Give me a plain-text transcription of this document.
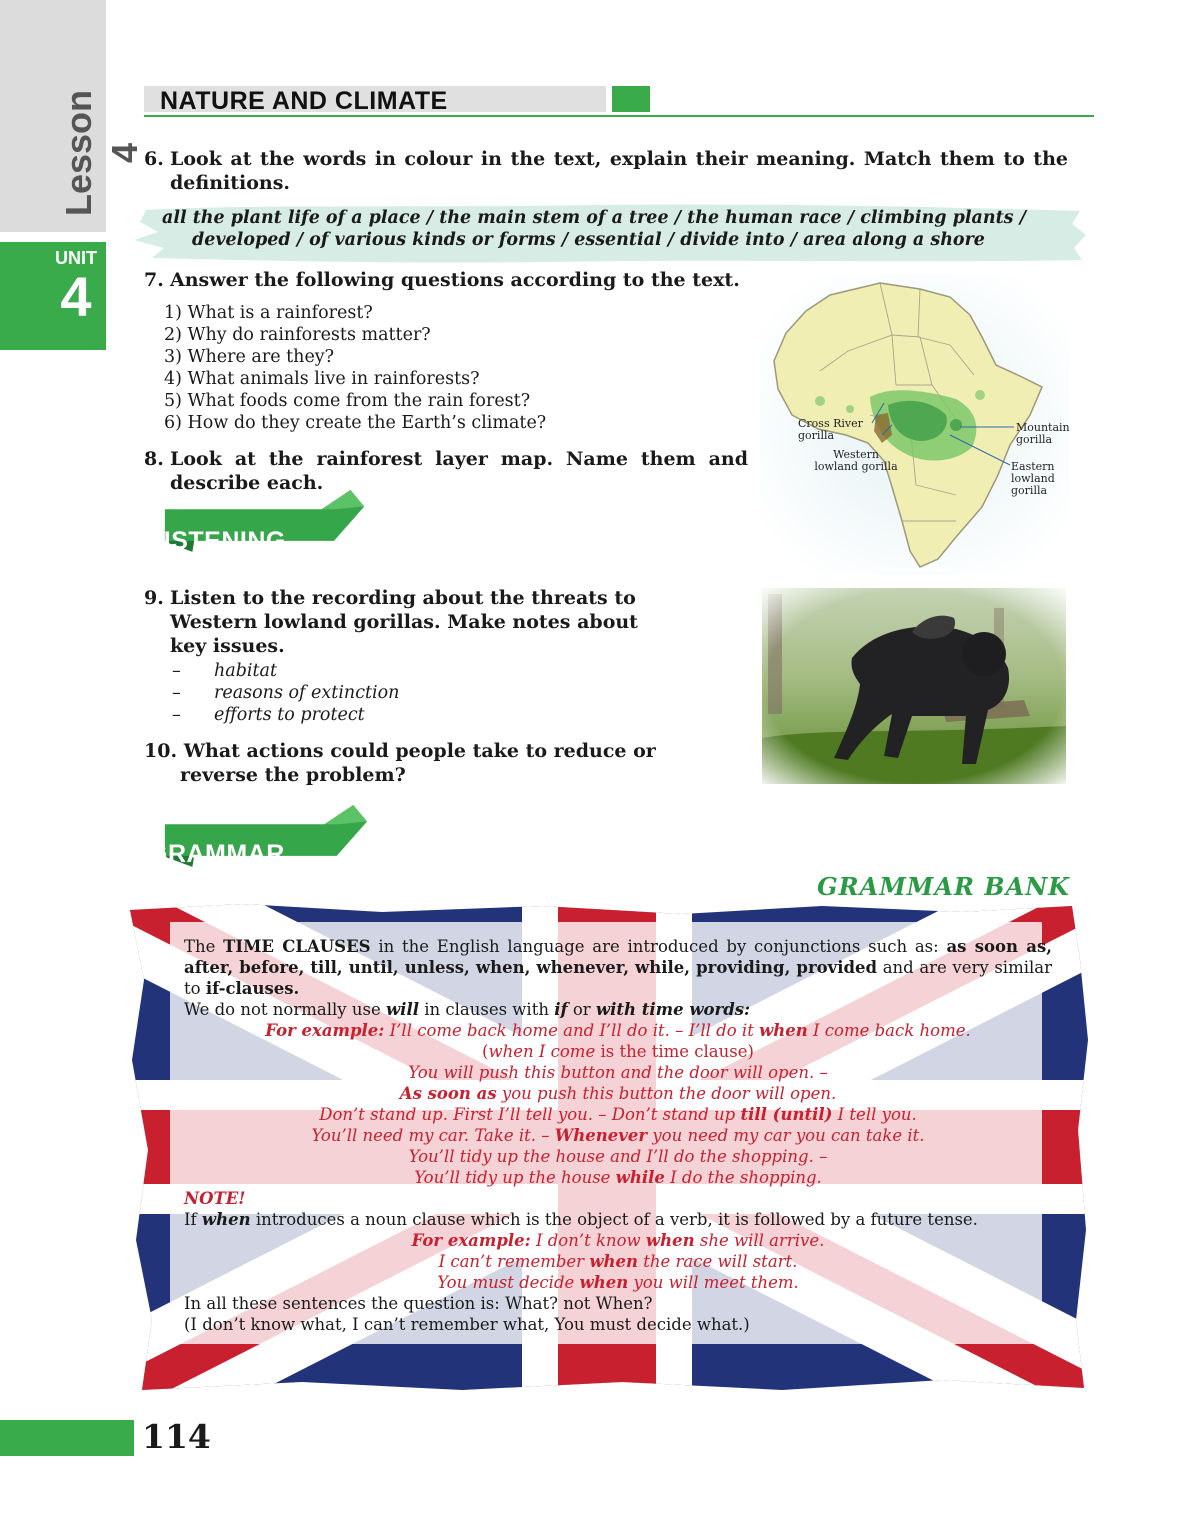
Lesson 4
UNIT
4
NATURE AND CLIMATE
6. Look at the words in colour in the text, explain their meaning. Match them to the
definitions.
all the plant life of a place / the main stem of a tree / the human race / climbing plants /
developed / of various kinds or forms / essential / divide into / area along a shore
7. Answer the following questions according to the text.
1) What is a rainforest?
2) Why do rainforests matter?
3) Where are they?
4) What animals live in rainforests?
5) What foods come from the rain forest?
6) How do they create the Earth’s climate?
8. Look at the rainforest layer map. Name them and
describe each.
Cross River
gorilla
Western
lowland gorilla
Mountain
gorilla
Eastern
lowland
gorilla
LISTENING
9. Listen to the recording about the threats to
Western lowland gorillas. Make notes about
key issues.
– habitat
– reasons of extinction
– efforts to protect
10. What actions could people take to reduce or
reverse the problem?
GRAMMAR
GRAMMAR BANK
The TIME CLAUSES in the English language are introduced by conjunctions such as: as soon as, after, before, till, until, unless, when, whenever, while, providing, provided and are very similar to if-clauses.
We do not normally use will in clauses with if or with time words:
For example: I’ll come back home and I’ll do it. – I’ll do it when I come back home.
(when I come is the time clause)
You will push this button and the door will open. –
As soon as you push this button the door will open.
Don’t stand up. First I’ll tell you. – Don’t stand up till (until) I tell you.
You’ll need my car. Take it. – Whenever you need my car you can take it.
You’ll tidy up the house and I’ll do the shopping. –
You’ll tidy up the house while I do the shopping.
NOTE!
If when introduces a noun clause which is the object of a verb, it is followed by a future tense.
For example: I don’t know when she will arrive.
I can’t remember when the race will start.
You must decide when you will meet them.
In all these sentences the question is: What? not When?
(I don’t know what, I can’t remember what, You must decide what.)
114
